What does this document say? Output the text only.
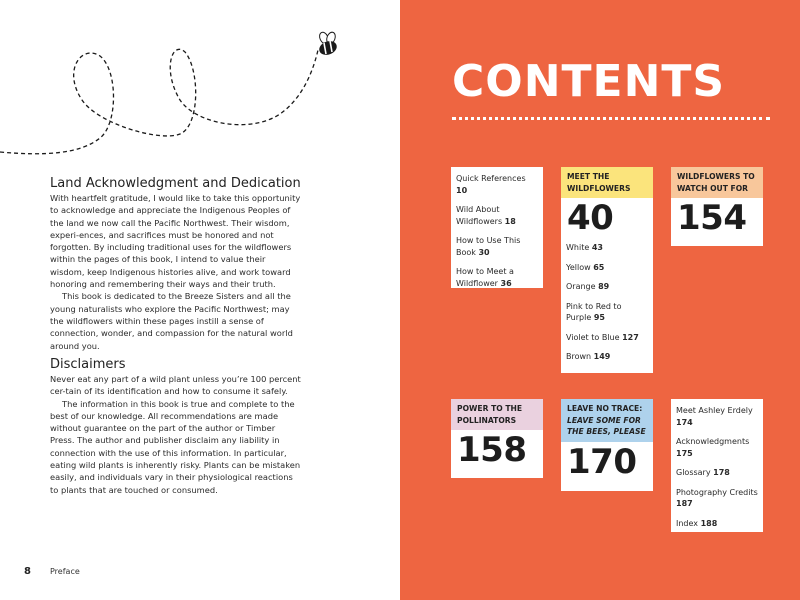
Land Acknowledgment and Dedication

With heartfelt gratitude, I would like to take this opportunity to acknowledge and appreciate the Indigenous Peoples of the land we now call the Pacific Northwest. Their wisdom, experi-ences, and sacrifices must be honored and not forgotten. By including traditional uses for the wildflowers within the pages of this book, I intend to value their wisdom, keep Indigenous histories alive, and work toward honoring and remembering their ways and their truth.

This book is dedicated to the Breeze Sisters and all the young naturalists who explore the Pacific Northwest; may the wildflowers within these pages instill a sense of connection, wonder, and compassion for the natural world around you.

Disclaimers

Never eat any part of a wild plant unless you’re 100 percent cer-tain of its identification and how to consume it safely.

The information in this book is true and complete to the best of our knowledge. All recommendations are made without guarantee on the part of the author or Timber Press. The author and publisher disclaim any liability in connection with the use of this information. In particular, eating wild plants is inherently risky. Plants can be mistaken easily, and individuals vary in their physiological reactions to plants that are touched or consumed.

8 Preface
CONTENTS
Quick References 10
Wild About Wildflowers 18
How to Use This Book 30
How to Meet a Wildflower 36
MEET THE WILDFLOWERS
40
White 43
Yellow 65
Orange 89
Pink to Red to Purple 95
Violet to Blue 127
Brown 149
WILDFLOWERS TO WATCH OUT FOR
154
POWER TO THE POLLINATORS
158
LEAVE NO TRACE:
LEAVE SOME FOR THE BEES, PLEASE
170
Meet Ashley Erdely 174
Acknowledgments 175
Glossary 178
Photography Credits 187
Index 188
